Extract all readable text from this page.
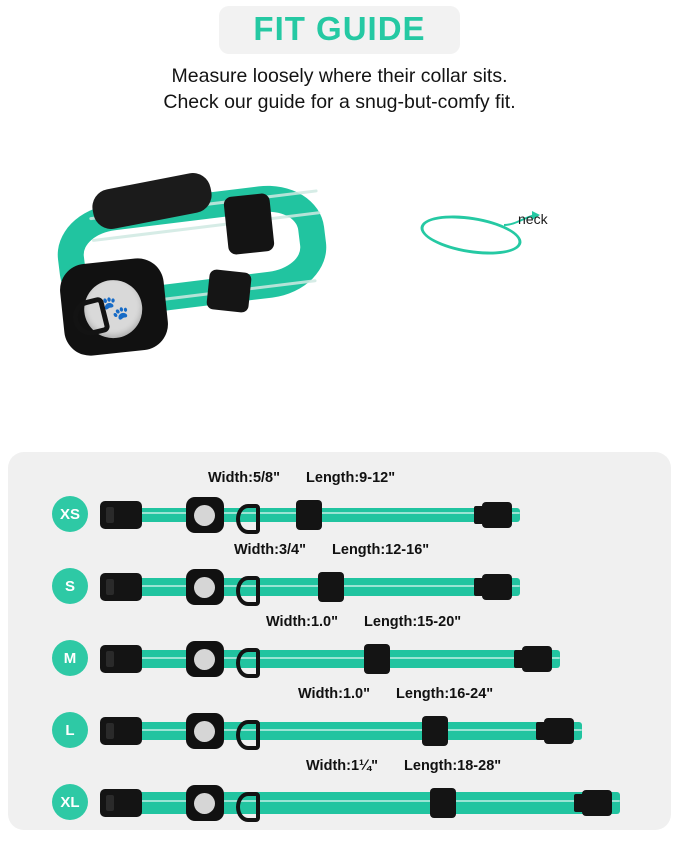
FIT GUIDE
Measure loosely where their collar sits.
Check our guide for a snug-but-comfy fit.
🐾
neck
XS
Width:5/8" Length:9-12"
S
Width:3/4" Length:12-16"
M
Width:1.0" Length:15-20"
L
Width:1.0" Length:16-24"
XL
Width:1¼" Length:18-28"
